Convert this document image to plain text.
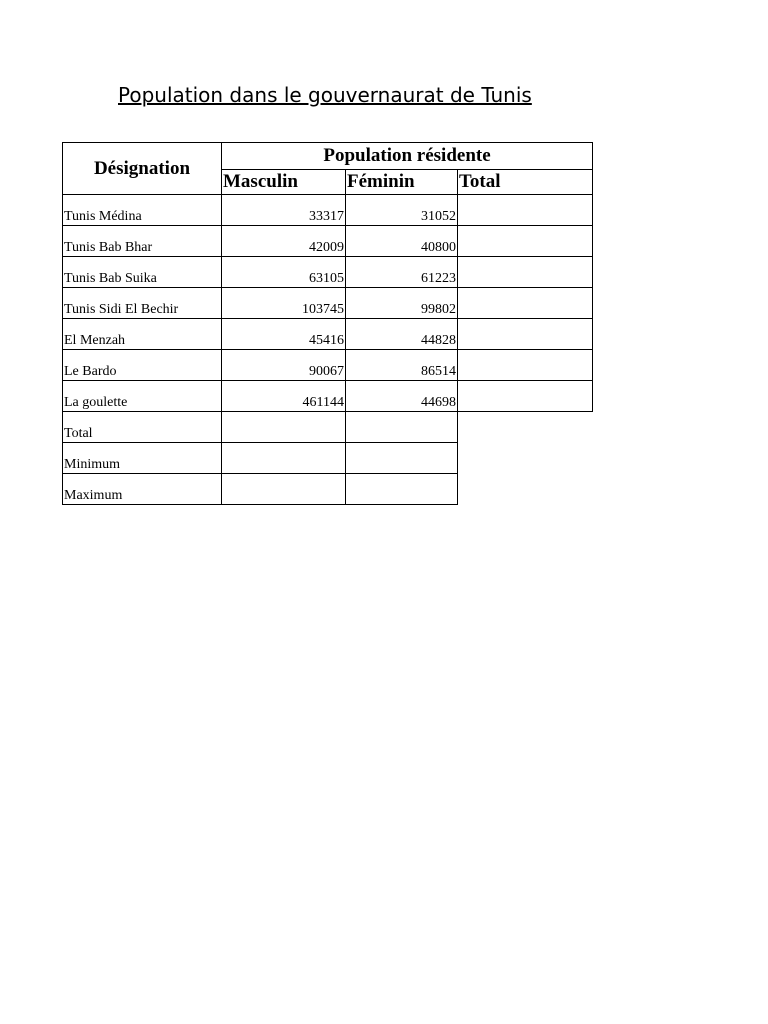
Population dans le gouvernaurat de Tunis
Désignation	Population résidente		
	Masculin	Féminin	Total
Tunis Médina	33317	31052	
Tunis Bab Bhar	42009	40800	
Tunis Bab Suika	63105	61223	
Tunis Sidi El Bechir	103745	99802	
El Menzah	45416	44828	
Le Bardo	90067	86514	
La goulette	461144	44698	
Total			
Minimum			
Maximum			
